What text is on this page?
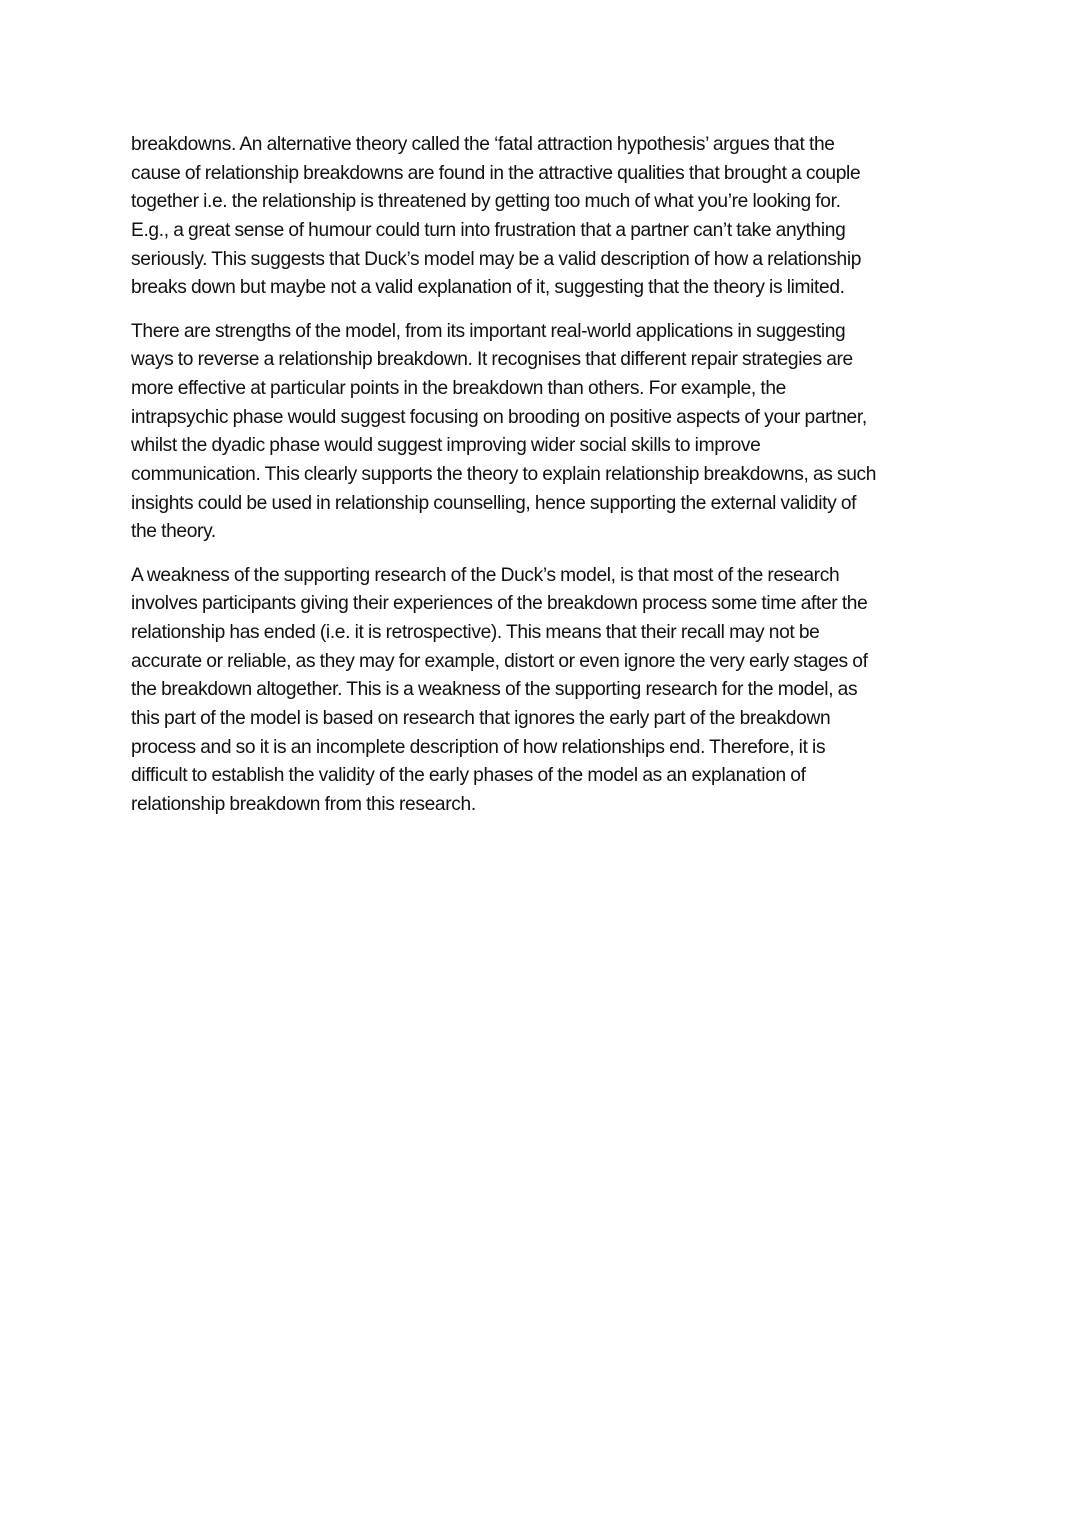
breakdowns. An alternative theory called the ‘fatal attraction hypothesis’ argues that the
cause of relationship breakdowns are found in the attractive qualities that brought a couple
together i.e. the relationship is threatened by getting too much of what you’re looking for.
E.g., a great sense of humour could turn into frustration that a partner can’t take anything
seriously. This suggests that Duck’s model may be a valid description of how a relationship
breaks down but maybe not a valid explanation of it, suggesting that the theory is limited.

There are strengths of the model, from its important real-world applications in suggesting
ways to reverse a relationship breakdown. It recognises that different repair strategies are
more effective at particular points in the breakdown than others. For example, the
intrapsychic phase would suggest focusing on brooding on positive aspects of your partner,
whilst the dyadic phase would suggest improving wider social skills to improve
communication. This clearly supports the theory to explain relationship breakdowns, as such
insights could be used in relationship counselling, hence supporting the external validity of
the theory.

A weakness of the supporting research of the Duck’s model, is that most of the research
involves participants giving their experiences of the breakdown process some time after the
relationship has ended (i.e. it is retrospective). This means that their recall may not be
accurate or reliable, as they may for example, distort or even ignore the very early stages of
the breakdown altogether. This is a weakness of the supporting research for the model, as
this part of the model is based on research that ignores the early part of the breakdown
process and so it is an incomplete description of how relationships end. Therefore, it is
difficult to establish the validity of the early phases of the model as an explanation of
relationship breakdown from this research.
